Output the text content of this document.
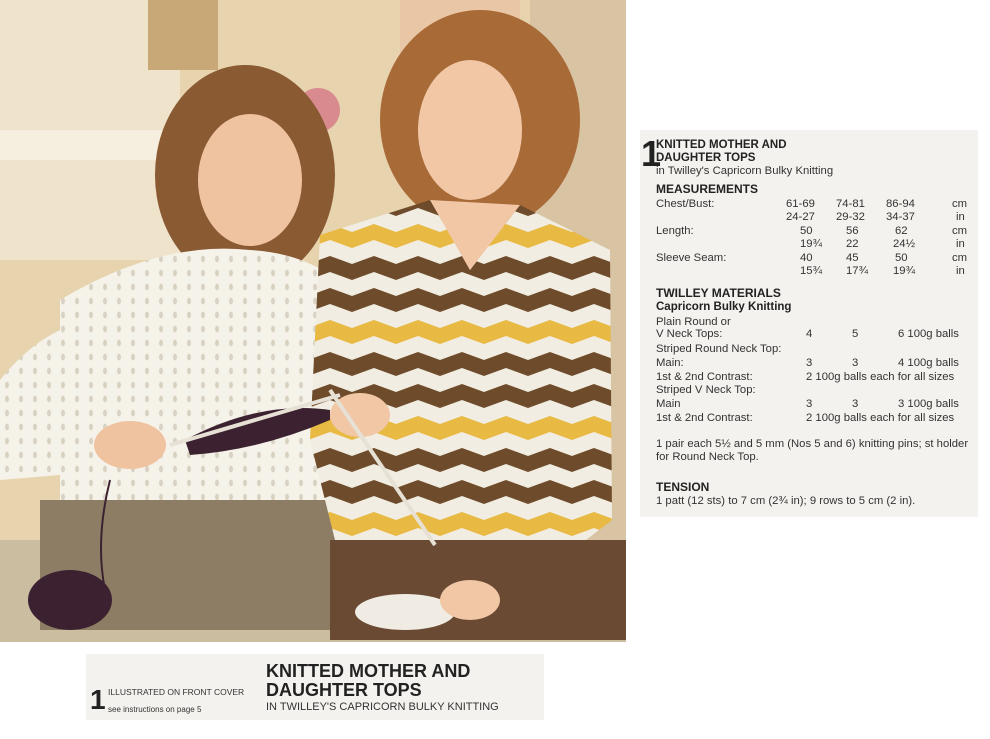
1
KNITTED MOTHER AND
DAUGHTER TOPS
in Twilley's Capricorn Bulky Knitting
MEASUREMENTS
Chest/Bust:	61-69 74-81 86-94	cm
24-27 29-32 34-37	in
Length:	50	56	62	cm
19¾ 22	24½	in
Sleeve Seam:	40	45	50	cm
15¾ 17¾ 19¾	in
TWILLEY MATERIALS
Capricorn Bulky Knitting
Plain Round or
V Neck Tops:	4	5	6 100g balls
Striped Round Neck Top:
Main:	3	3	4 100g balls
1st & 2nd Contrast:	2 100g balls each for all sizes
Striped V Neck Top:
Main	3	3	3 100g balls
1st & 2nd Contrast:	2 100g balls each for all sizes
1 pair each 5½ and 5 mm (Nos 5 and 6) knitting pins; st holder for Round Neck Top.
TENSION
1 patt (12 sts) to 7 cm (2¾ in); 9 rows to 5 cm (2 in).
1 ILLUSTRATED ON FRONT COVER
see instructions on page 5
KNITTED MOTHER AND
DAUGHTER TOPS
IN TWILLEY'S CAPRICORN BULKY KNITTING
